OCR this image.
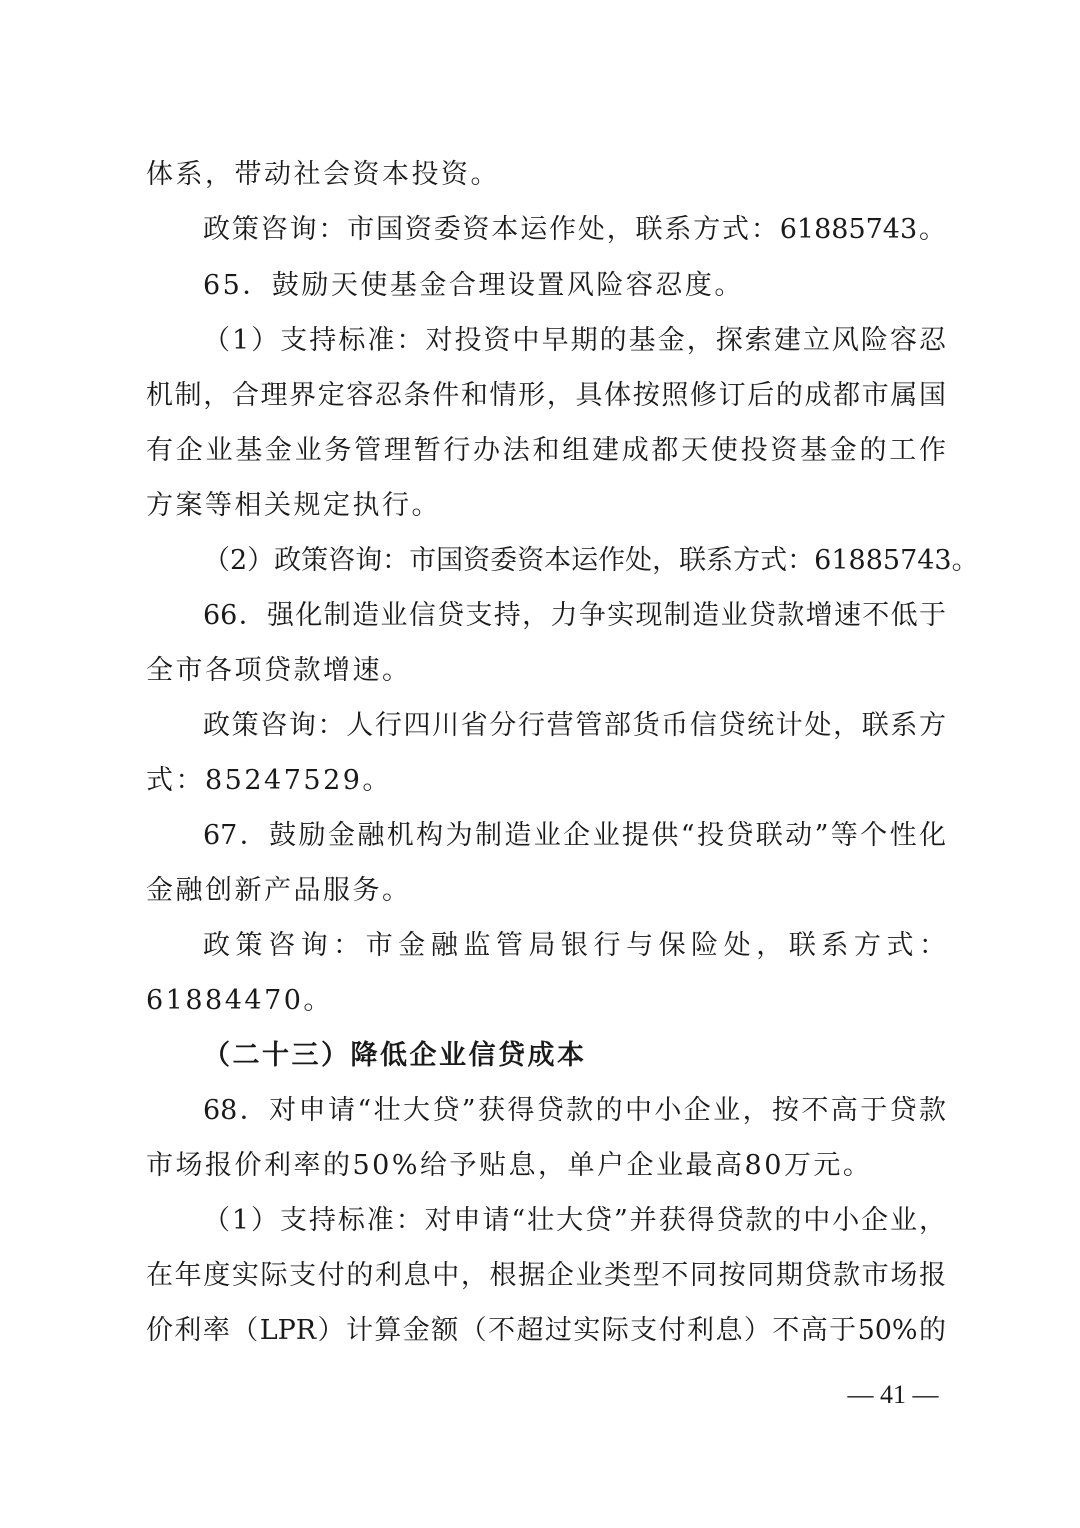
体系，带动社会资本投资。
政策咨询：市国资委资本运作处，联系方式：61885743。
65．鼓励天使基金合理设置风险容忍度。
（1）支持标准：对投资中早期的基金，探索建立风险容忍
机制，合理界定容忍条件和情形，具体按照修订后的成都市属国
有企业基金业务管理暂行办法和组建成都天使投资基金的工作
方案等相关规定执行。
（2）政策咨询：市国资委资本运作处，联系方式：61885743。
66．强化制造业信贷支持，力争实现制造业贷款增速不低于
全市各项贷款增速。
政策咨询：人行四川省分行营管部货币信贷统计处，联系方
式：85247529。
67．鼓励金融机构为制造业企业提供“投贷联动”等个性化
金融创新产品服务。
政策咨询：市金融监管局银行与保险处，联系方式：
61884470。
（二十三）降低企业信贷成本
68．对申请“壮大贷”获得贷款的中小企业，按不高于贷款
市场报价利率的50%给予贴息，单户企业最高80万元。
（1）支持标准：对申请“壮大贷”并获得贷款的中小企业，
在年度实际支付的利息中，根据企业类型不同按同期贷款市场报
价利率（LPR）计算金额（不超过实际支付利息）不高于50%的
— 41 —
